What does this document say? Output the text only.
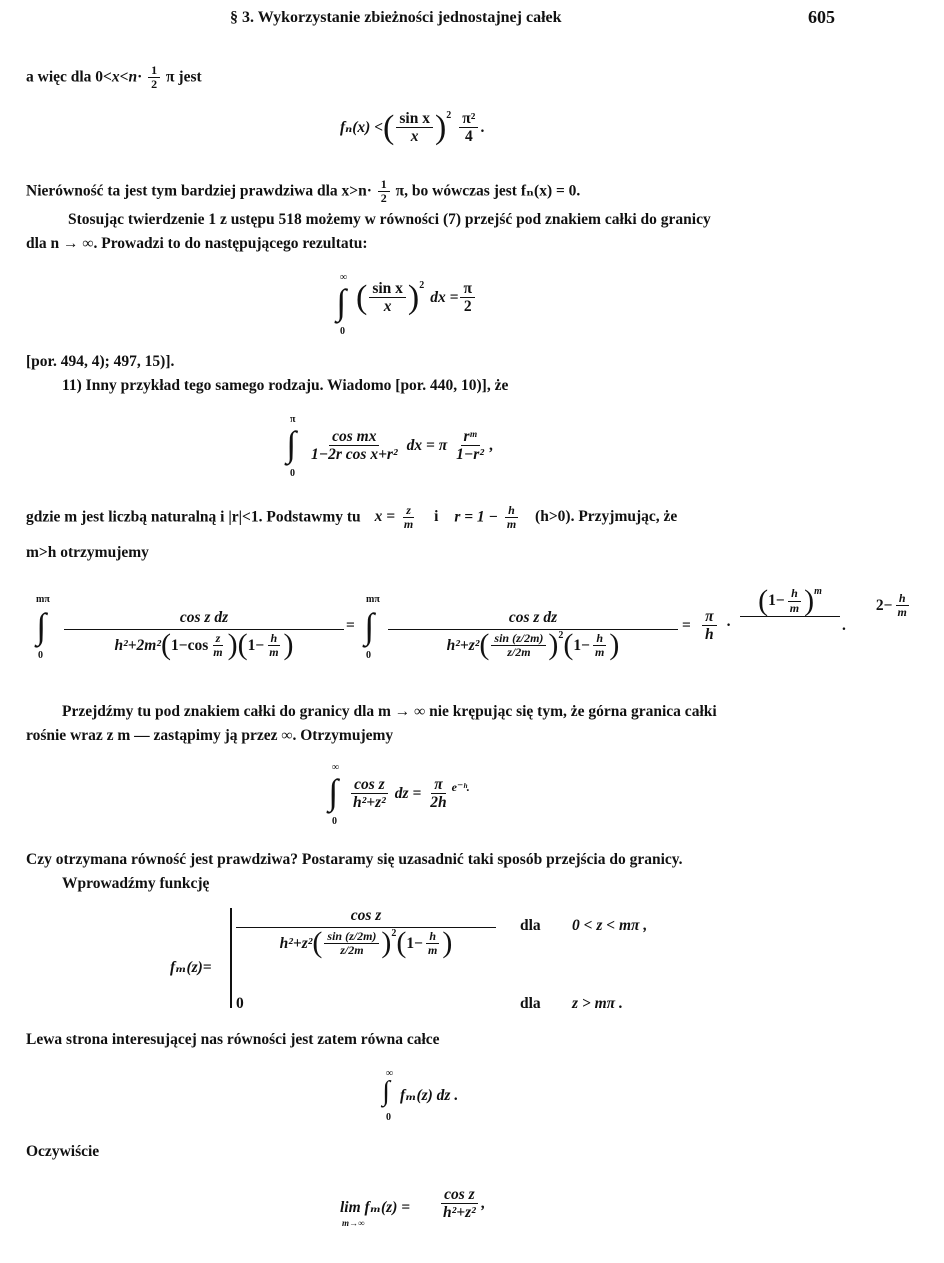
§ 3. Wykorzystanie zbieżności jednostajnej całek	605
a więc dla $0<x<n\cdot \frac{1}{2}$ π jest
fₙ(x) < ( sin x
x ) 2 π²
4
.
Nierówność ta jest tym bardziej prawdziwa dla $x>n\cdot \frac{1}{2} \pi$, bo wówczas jest fₙ(x) = 0.
Stosując twierdzenie 1 z ustępu 518 możemy w równości (7) przejść pod znakiem całki do granicy
dla n → ∞. Prowadzi to do następującego rezultatu:
∞
∫
0
( sin x
x ) 2
dx = $\frac{\pi}{2}$
[por. 494, 4); 497, 15)].
11) Inny przykład tego samego rodzaju. Wiadomo [por. 440, 10)], że
π
∫
0
cos mx
1−2r cos x+r²
dx = π
rᵐ
1−r²
,
gdzie m jest liczbą naturalną i |r|<1. Podstawmy tu $x = \frac{z}{m}$ i $r = 1 - \frac{h}{m} (h>0)$. Przyjmując, że
m>h otrzymujemy
mπ
∫
0
cos z dz
h²+2m² ( 1−cos z
m ) ( $1- \frac{h}{m}$ )
=
mπ
∫
0
cos z dz
h²+z² ( sin (z/2m)
z/2m ) 2 ( $1- \frac{h}{m}$ )
= $\frac{\pi}{h}$ ·
( $1- \frac{h}{m}$ ) m

$2- \frac{h}{m}$
.
Przejdźmy tu pod znakiem całki do granicy dla m → ∞ nie krępując się tym, że górna granica całki
rośnie wraz z m — zastąpimy ją przez ∞. Otrzymujemy
∞
∫
0
cos z
h²+z²
dz = $\frac{\pi}{2h}$ e⁻ʰ.
Czy otrzymana równość jest prawdziwa? Postaramy się uzasadnić taki sposób przejścia do granicy.
Wprowadźmy funkcję
fₘ(z)=
cos z
h²+z² ( sin (z/2m)
z/2m ) 2 ( $1- \frac{h}{m}$ )
dla 0 < z < mπ ,
0	dla z > mπ .
Lewa strona interesującej nas równości jest zatem równa całce
∞
∫
0
fₘ(z) dz .
Oczywiście
lim fₘ(z) =
m→∞
cos z
h²+z²
,
